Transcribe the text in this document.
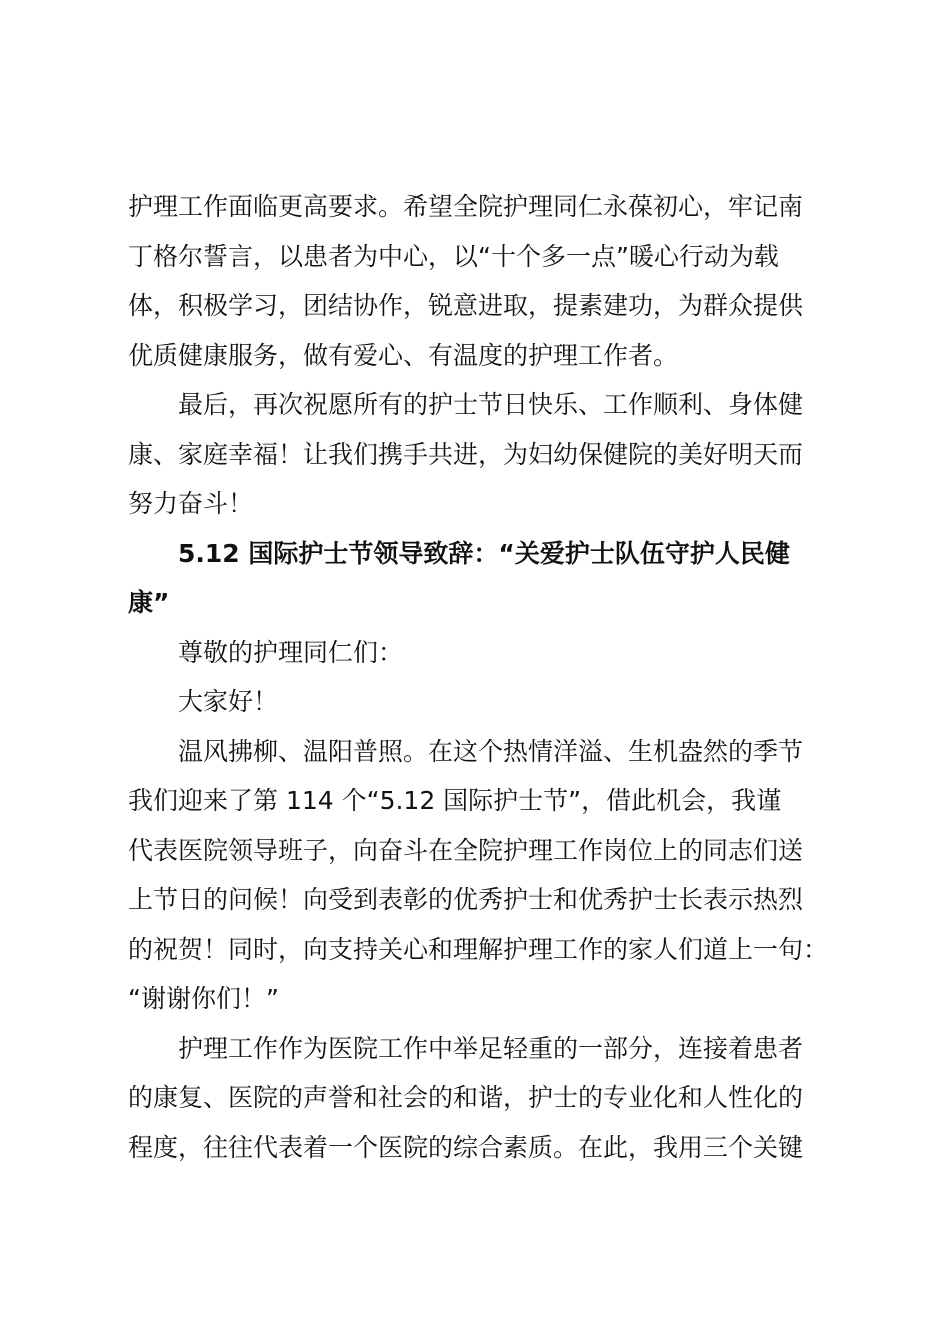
护理工作面临更高要求。希望全院护理同仁永葆初心，牢记南
丁格尔誓言，以患者为中心，以“十个多一点”暖心行动为载
体，积极学习，团结协作，锐意进取，提素建功，为群众提供
优质健康服务，做有爱心、有温度的护理工作者。

最后，再次祝愿所有的护士节日快乐、工作顺利、身体健
康、家庭幸福！让我们携手共进，为妇幼保健院的美好明天而
努力奋斗！

5.12 国际护士节领导致辞：“关爱护士队伍守护人民健
康”

尊敬的护理同仁们：

大家好！

温风拂柳、温阳普照。在这个热情洋溢、生机盎然的季节
我们迎来了第 114 个“5.12 国际护士节”，借此机会，我谨
代表医院领导班子，向奋斗在全院护理工作岗位上的同志们送
上节日的问候！向受到表彰的优秀护士和优秀护士长表示热烈
的祝贺！同时，向支持关心和理解护理工作的家人们道上一句：
“谢谢你们！”

护理工作作为医院工作中举足轻重的一部分，连接着患者
的康复、医院的声誉和社会的和谐，护士的专业化和人性化的
程度，往往代表着一个医院的综合素质。在此，我用三个关键
